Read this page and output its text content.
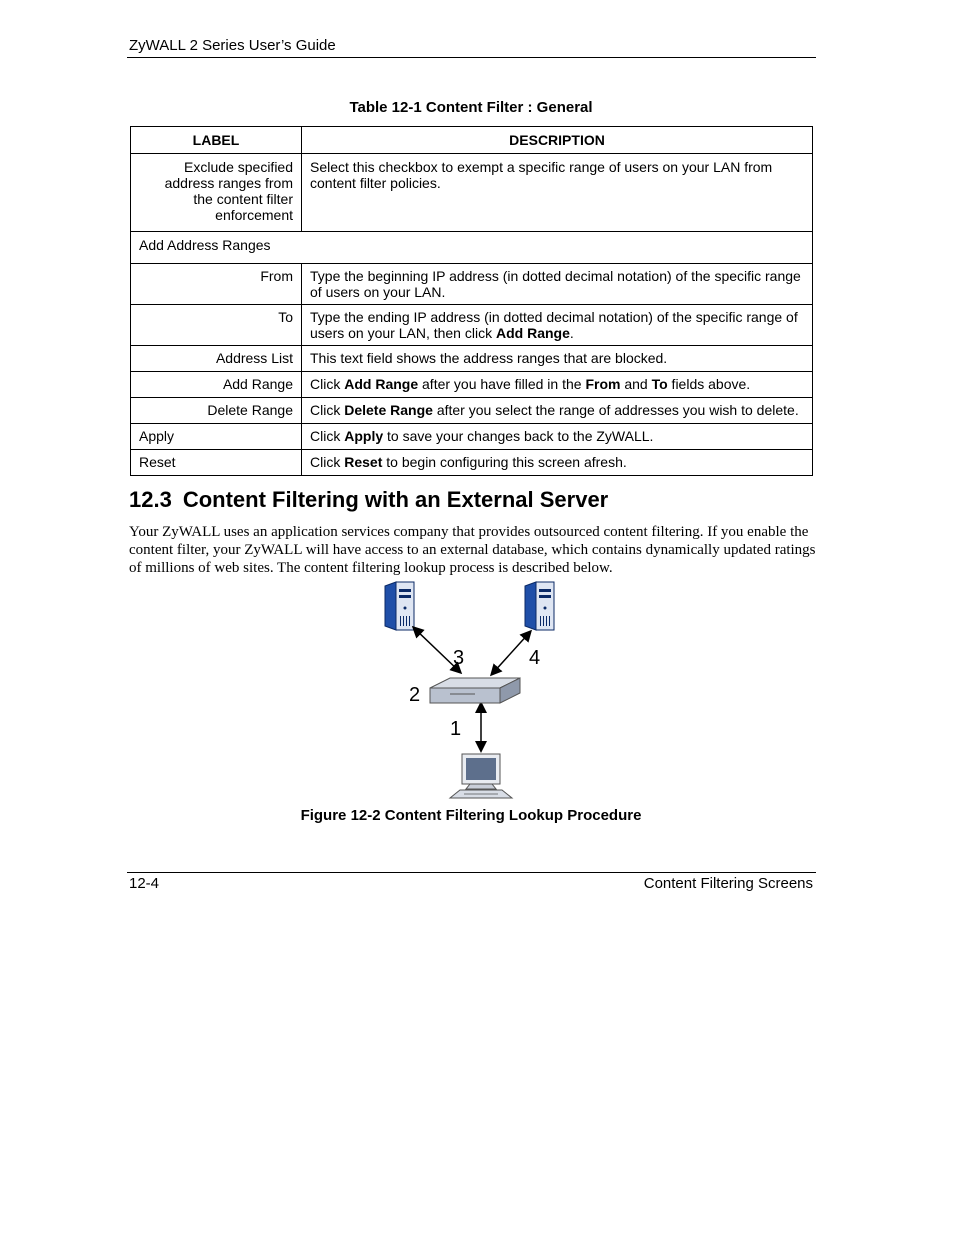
ZyWALL 2 Series User’s Guide
Table 12-1 Content Filter : General
LABEL	DESCRIPTION
Exclude specified
address ranges from
the content filter
enforcement	Select this checkbox to exempt a specific range of users on your LAN from content filter policies.
Add Address Ranges	
From	Type the beginning IP address (in dotted decimal notation) of the specific range of users on your LAN.
To	Type the ending IP address (in dotted decimal notation) of the specific range of users on your LAN, then click Add Range.
Address List	This text field shows the address ranges that are blocked.
Add Range	Click Add Range after you have filled in the From and To fields above.
Delete Range	Click Delete Range after you select the range of addresses you wish to delete.
Apply	Click Apply to save your changes back to the ZyWALL.
Reset	Click Reset to begin configuring this screen afresh.
12.3 Content Filtering with an External Server

Your ZyWALL uses an application services company that provides outsourced content filtering. If you enable the content filter, your ZyWALL will have access to an external database, which contains dynamically updated ratings of millions of web sites. The content filtering lookup process is described below.

3	4
2
1
Figure 12-2 Content Filtering Lookup Procedure
12-4	Content Filtering Screens
